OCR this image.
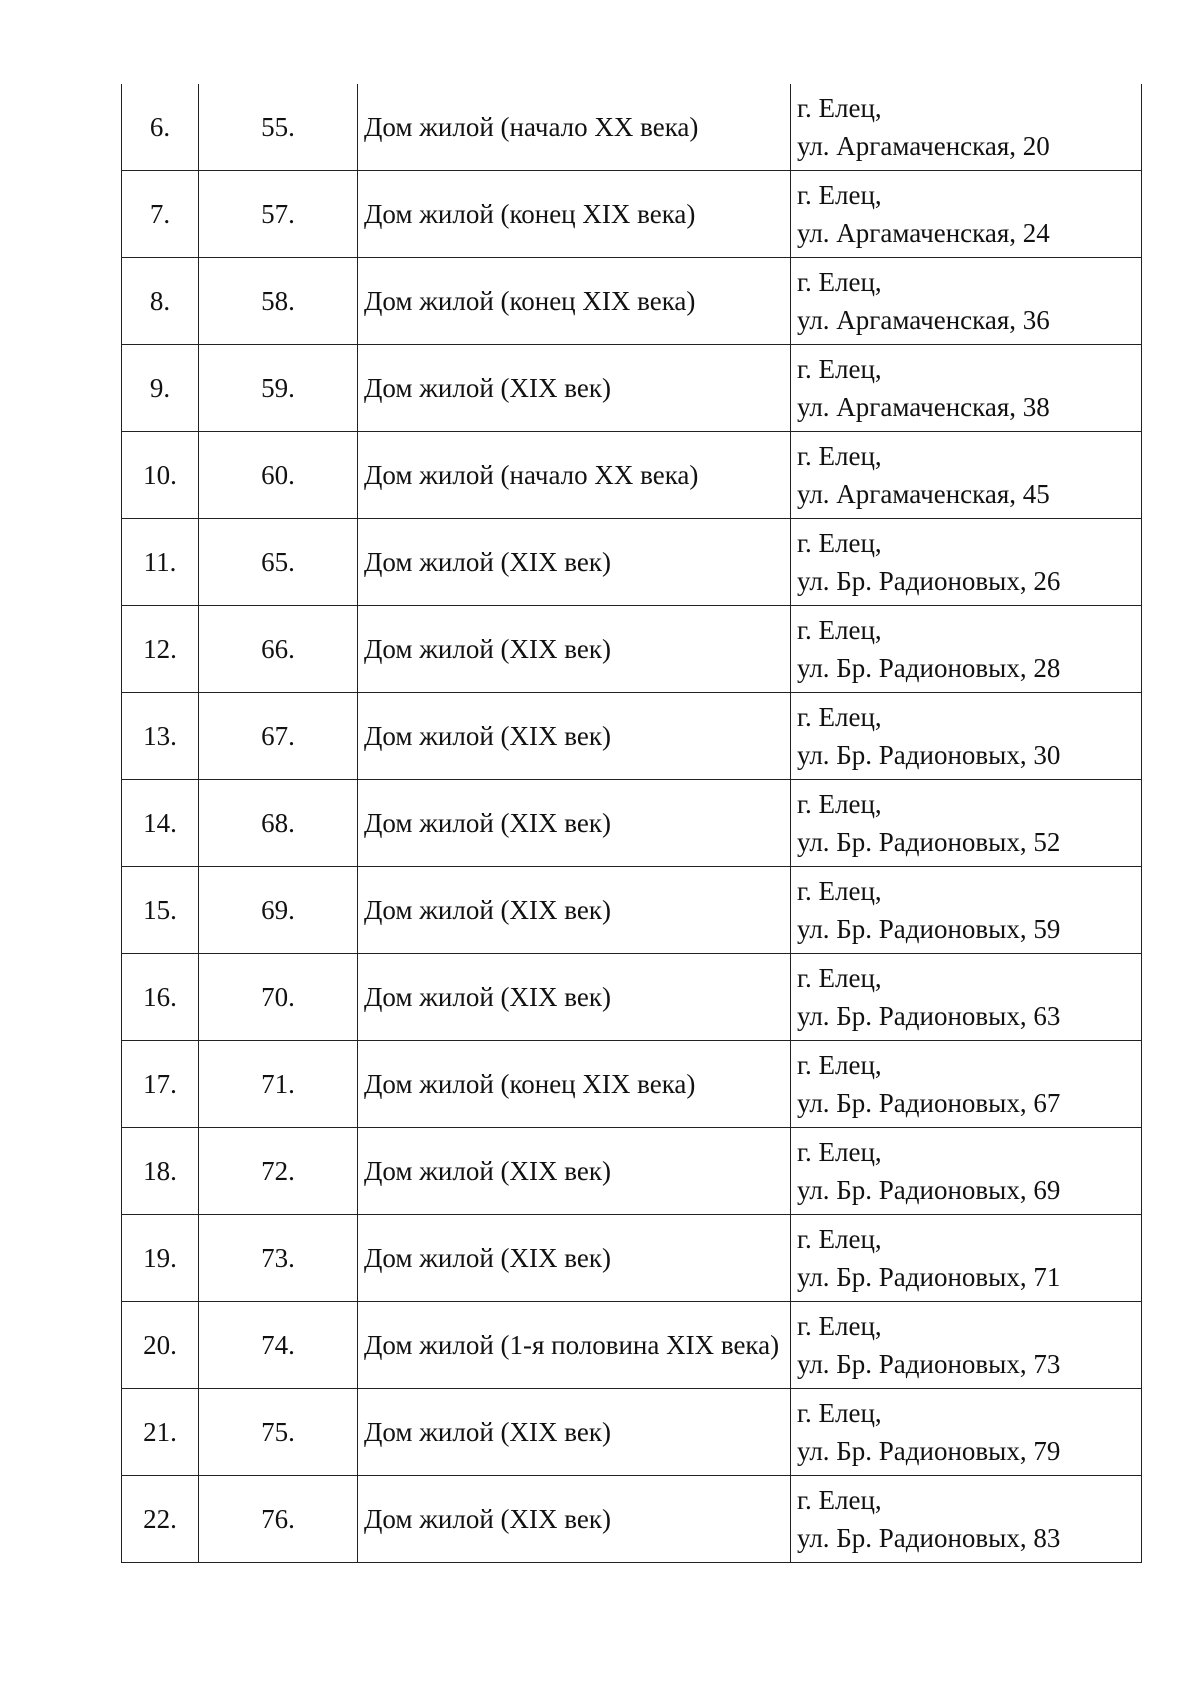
6.	55.	Дом жилой (начало XX века)	г. Елец,
ул. Аргамаченская, 20

7.	57.	Дом жилой (конец XIX века)	г. Елец,
ул. Аргамаченская, 24

8.	58.	Дом жилой (конец XIX века)	г. Елец,
ул. Аргамаченская, 36

9.	59.	Дом жилой (XIX век)	г. Елец,
ул. Аргамаченская, 38

10.	60.	Дом жилой (начало XX века)	г. Елец,
ул. Аргамаченская, 45

11.	65.	Дом жилой (XIX век)	г. Елец,
ул. Бр. Радионовых, 26

12.	66.	Дом жилой (XIX век)	г. Елец,
ул. Бр. Радионовых, 28

13.	67.	Дом жилой (XIX век)	г. Елец,
ул. Бр. Радионовых, 30

14.	68.	Дом жилой (XIX век)	г. Елец,
ул. Бр. Радионовых, 52

15.	69.	Дом жилой (XIX век)	г. Елец,
ул. Бр. Радионовых, 59

16.	70.	Дом жилой (XIX век)	г. Елец,
ул. Бр. Радионовых, 63

17.	71.	Дом жилой (конец XIX века)	г. Елец,
ул. Бр. Радионовых, 67

18.	72.	Дом жилой (XIX век)	г. Елец,
ул. Бр. Радионовых, 69

19.	73.	Дом жилой (XIX век)	г. Елец,
ул. Бр. Радионовых, 71

20.	74.	Дом жилой (1-я половина XIX века)	г. Елец,
ул. Бр. Радионовых, 73

21.	75.	Дом жилой (XIX век)	г. Елец,
ул. Бр. Радионовых, 79

22.	76.	Дом жилой (XIX век)	г. Елец,
ул. Бр. Радионовых, 83
